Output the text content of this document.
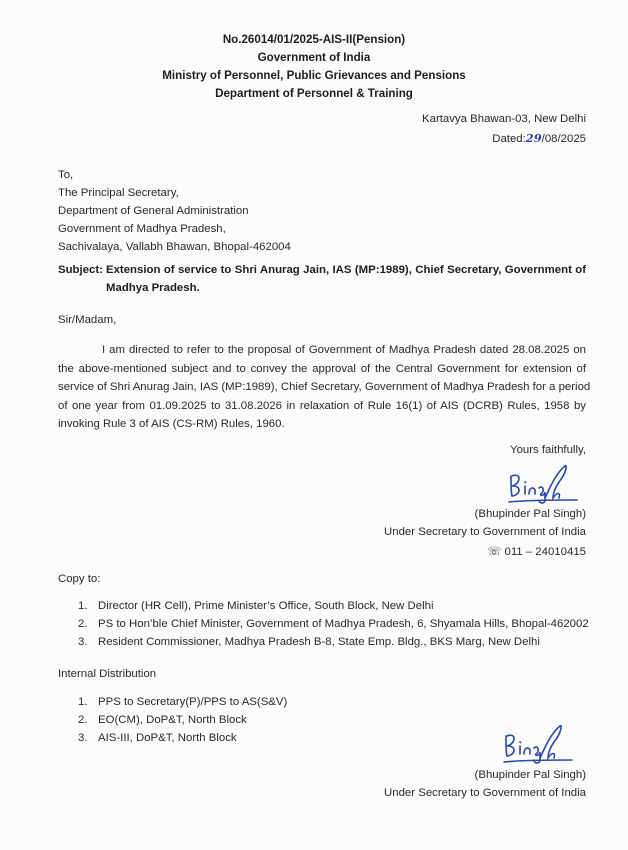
No.26014/01/2025-AIS-II(Pension)
Government of India
Ministry of Personnel, Public Grievances and Pensions
Department of Personnel & Training
Kartavya Bhawan-03, New Delhi
Dated:29/08/2025
To,
The Principal Secretary,
Department of General Administration
Government of Madhya Pradesh,
Sachivalaya, Vallabh Bhawan, Bhopal-462004
Subject: Extension of service to Shri Anurag Jain, IAS (MP:1989), Chief Secretary, Government of
Madhya Pradesh.
Sir/Madam,
I am directed to refer to the proposal of Government of Madhya Pradesh dated 28.08.2025 on
the above-mentioned subject and to convey the approval of the Central Government for extension of
service of Shri Anurag Jain, IAS (MP:1989), Chief Secretary, Government of Madhya Pradesh for a period
of one year from 01.09.2025 to 31.08.2026 in relaxation of Rule 16(1) of AIS (DCRB) Rules, 1958 by
invoking Rule 3 of AIS (CS-RM) Rules, 1960.
Yours faithfully,
(Bhupinder Pal Singh)
Under Secretary to Government of India
☏ 011 – 24010415
Copy to:
1. Director (HR Cell), Prime Minister’s Office, South Block, New Delhi
2. PS to Hon’ble Chief Minister, Government of Madhya Pradesh, 6, Shyamala Hills, Bhopal-462002
3. Resident Commissioner, Madhya Pradesh B-8, State Emp. Bldg., BKS Marg, New Delhi
Internal Distribution
1. PPS to Secretary(P)/PPS to AS(S&V)
2. EO(CM), DoP&T, North Block
3. AIS-III, DoP&T, North Block
(Bhupinder Pal Singh)
Under Secretary to Government of India
